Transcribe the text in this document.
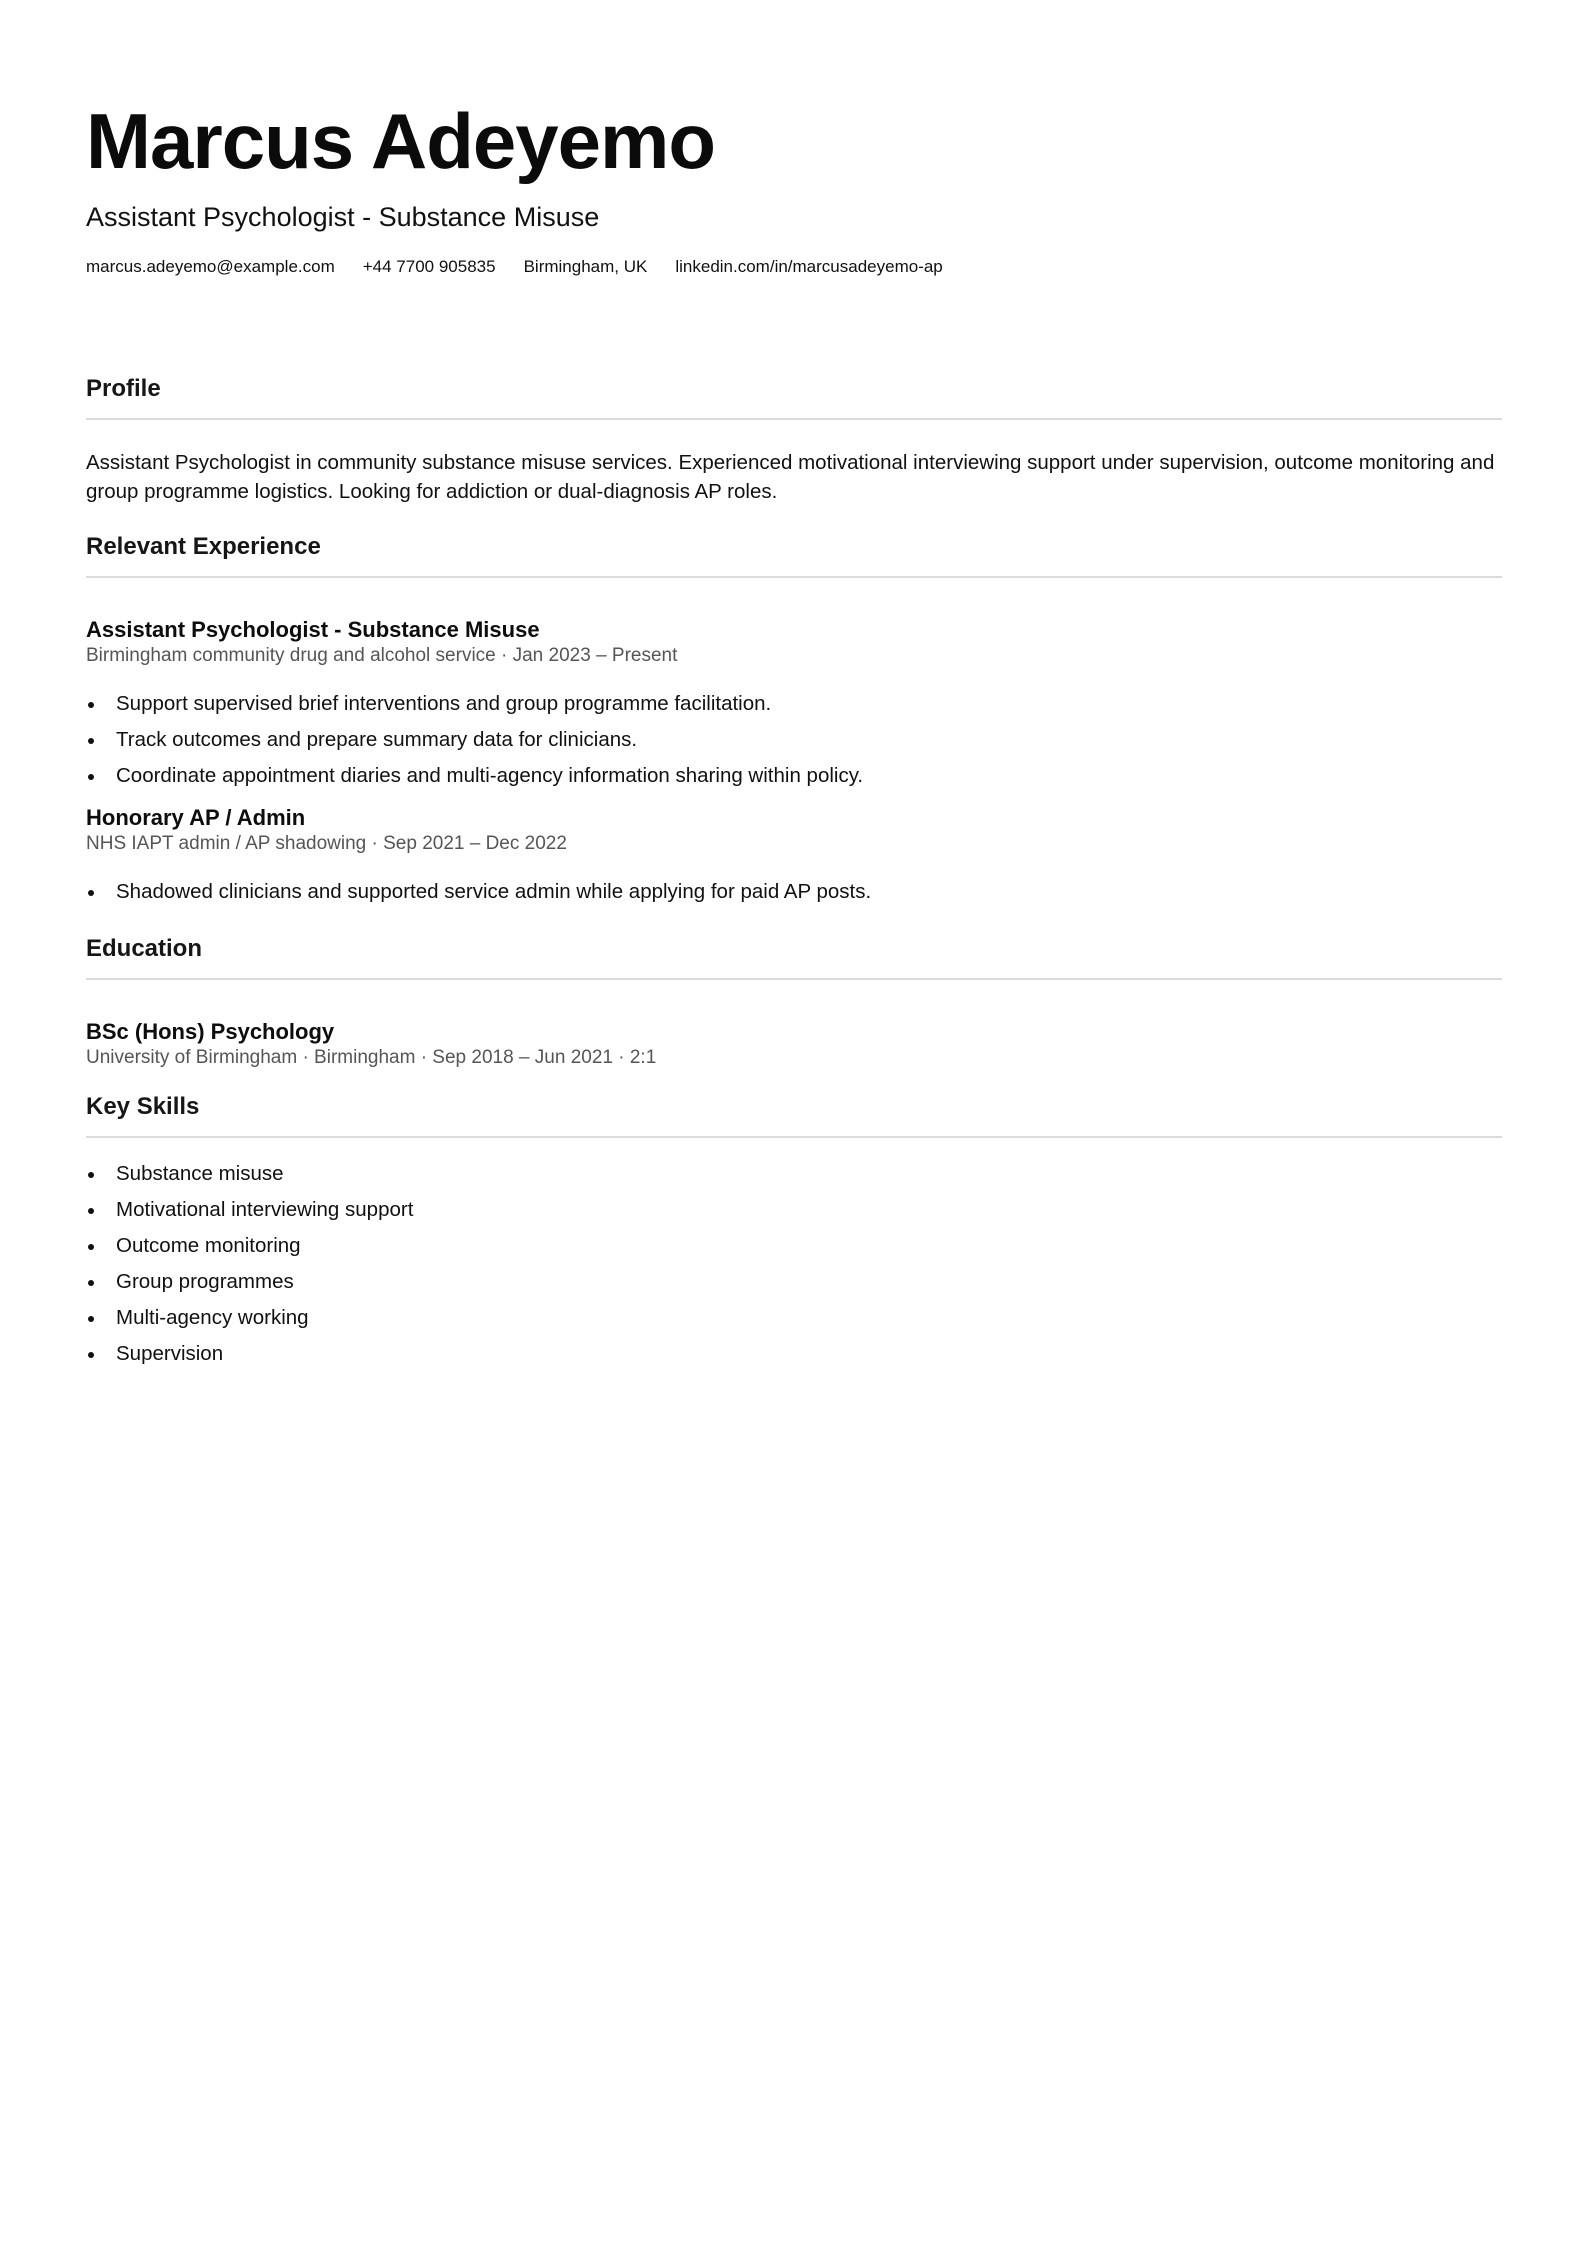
Marcus Adeyemo
Assistant Psychologist - Substance Misuse
marcus.adeyemo@example.com +44 7700 905835 Birmingham, UK linkedin.com/in/marcusadeyemo-ap
Profile
Assistant Psychologist in community substance misuse services. Experienced motivational interviewing support under supervision, outcome monitoring and group programme logistics. Looking for addiction or dual-diagnosis AP roles.
Relevant Experience
Assistant Psychologist - Substance Misuse
Birmingham community drug and alcohol service · Jan 2023 – Present
Support supervised brief interventions and group programme facilitation.
Track outcomes and prepare summary data for clinicians.
Coordinate appointment diaries and multi-agency information sharing within policy.
Honorary AP / Admin
NHS IAPT admin / AP shadowing · Sep 2021 – Dec 2022
Shadowed clinicians and supported service admin while applying for paid AP posts.
Education
BSc (Hons) Psychology
University of Birmingham · Birmingham · Sep 2018 – Jun 2021 · 2:1
Key Skills
Substance misuse
Motivational interviewing support
Outcome monitoring
Group programmes
Multi-agency working
Supervision
